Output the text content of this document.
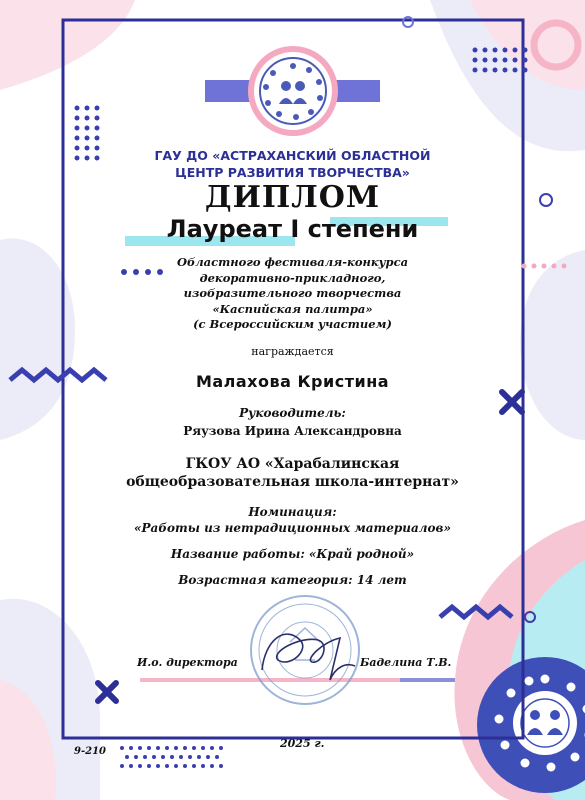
ГАУ ДО «АСТРАХАНСКИЙ ОБЛАСТНОЙ
ЦЕНТР РАЗВИТИЯ ТВОРЧЕСТВА»
ДИПЛОМ
Лауреат I степени
Областного фестиваля-конкурса
декоративно-прикладного,
изобразительного творчества
«Каспийская палитра»
(с Всероссийским участием)
награждается
Малахова Кристина
Руководитель:
Ряузова Ирина Александровна
ГКОУ АО «Харабалинская
общеобразовательная школа-интернат»
Номинация:
«Работы из нетрадиционных материалов»
Название работы: «Край родной»
Возрастная категория: 14 лет
И.о. директора	Баделина Т.В.
2025 г.
9-210
